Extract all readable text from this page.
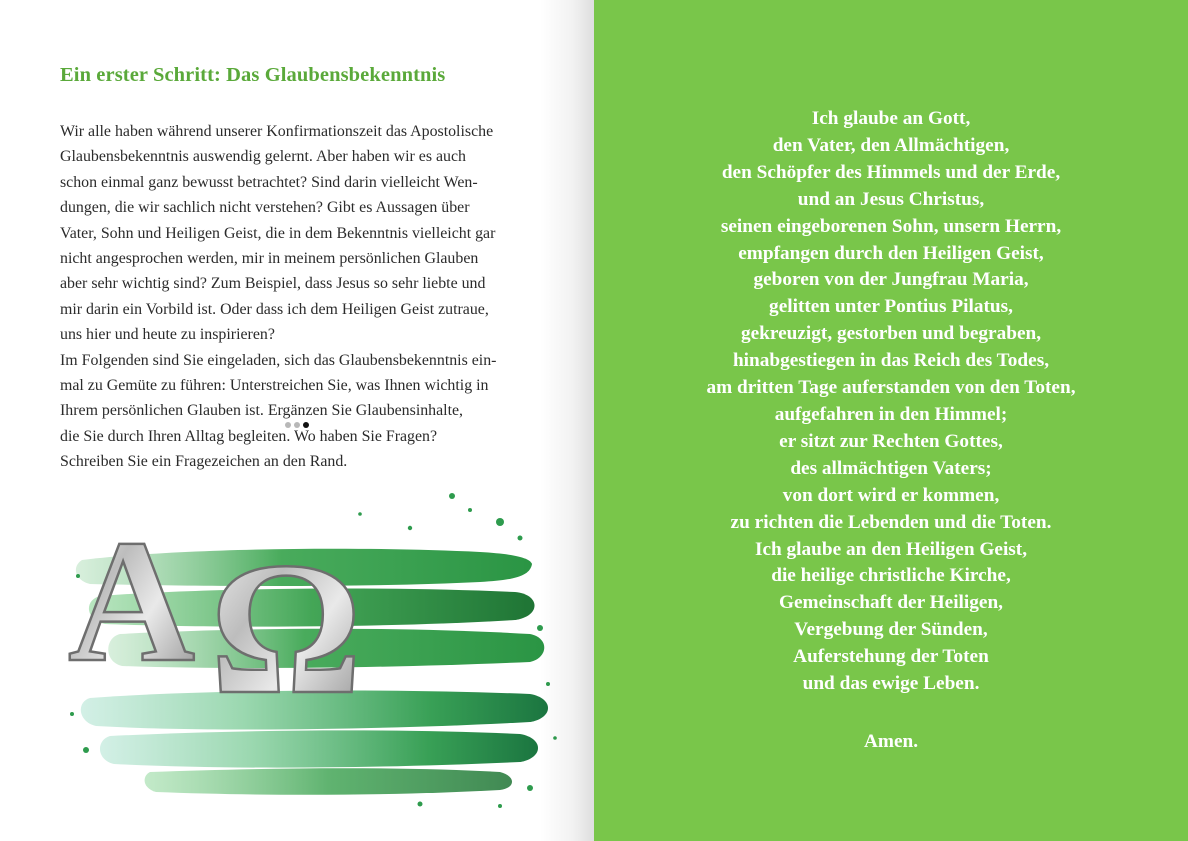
Ein erster Schritt: Das Glaubensbekenntnis
Wir alle haben während unserer Konfirmationszeit das Apostolische
Glaubensbekenntnis auswendig gelernt. Aber haben wir es auch
schon einmal ganz bewusst betrachtet? Sind darin vielleicht Wen-
dungen, die wir sachlich nicht verstehen? Gibt es Aussagen über
Vater, Sohn und Heiligen Geist, die in dem Bekenntnis vielleicht gar
nicht angesprochen werden, mir in meinem persönlichen Glauben
aber sehr wichtig sind? Zum Beispiel, dass Jesus so sehr liebte und
mir darin ein Vorbild ist. Oder dass ich dem Heiligen Geist zutraue,
uns hier und heute zu inspirieren?
Im Folgenden sind Sie eingeladen, sich das Glaubensbekenntnis ein-
mal zu Gemüte zu führen: Unterstreichen Sie, was Ihnen wichtig in
Ihrem persönlichen Glauben ist. Ergänzen Sie Glaubensinhalte,
die Sie durch Ihren Alltag begleiten. Wo haben Sie Fragen?
Schreiben Sie ein Fragezeichen an den Rand.
A Ω
Ich glaube an Gott,
den Vater, den Allmächtigen,
den Schöpfer des Himmels und der Erde,
und an Jesus Christus,
seinen eingeborenen Sohn, unsern Herrn,
empfangen durch den Heiligen Geist,
geboren von der Jungfrau Maria,
gelitten unter Pontius Pilatus,
gekreuzigt, gestorben und begraben,
hinabgestiegen in das Reich des Todes,
am dritten Tage auferstanden von den Toten,
aufgefahren in den Himmel;
er sitzt zur Rechten Gottes,
des allmächtigen Vaters;
von dort wird er kommen,
zu richten die Lebenden und die Toten.
Ich glaube an den Heiligen Geist,
die heilige christliche Kirche,
Gemeinschaft der Heiligen,
Vergebung der Sünden,
Auferstehung der Toten
und das ewige Leben.
Amen.
